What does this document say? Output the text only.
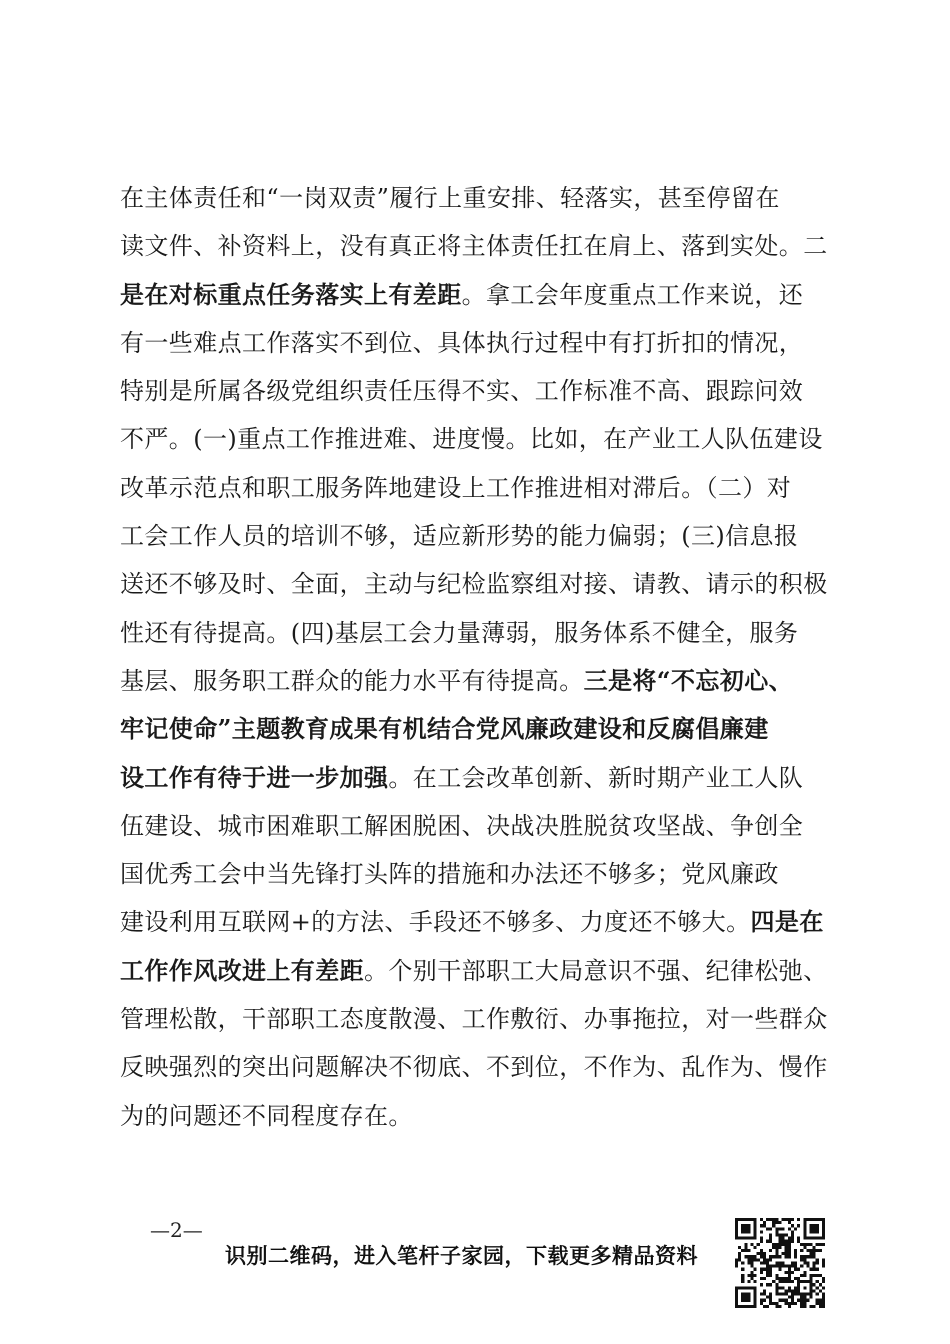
在主体责任和“一岗双责”履行上重安排、轻落实，甚至停留在
读文件、补资料上，没有真正将主体责任扛在肩上、落到实处。二
是在对标重点任务落实上有差距。拿工会年度重点工作来说，还
有一些难点工作落实不到位、具体执行过程中有打折扣的情况，
特别是所属各级党组织责任压得不实、工作标准不高、跟踪问效
不严。(一)重点工作推进难、进度慢。比如，在产业工人队伍建设
改革示范点和职工服务阵地建设上工作推进相对滞后。（二）对
工会工作人员的培训不够，适应新形势的能力偏弱；(三)信息报
送还不够及时、全面，主动与纪检监察组对接、请教、请示的积极
性还有待提高。(四)基层工会力量薄弱，服务体系不健全，服务
基层、服务职工群众的能力水平有待提高。三是将“不忘初心、
牢记使命”主题教育成果有机结合党风廉政建设和反腐倡廉建
设工作有待于进一步加强。在工会改革创新、新时期产业工人队
伍建设、城市困难职工解困脱困、决战决胜脱贫攻坚战、争创全
国优秀工会中当先锋打头阵的措施和办法还不够多；党风廉政
建设利用互联网+的方法、手段还不够多、力度还不够大。四是在
工作作风改进上有差距。个别干部职工大局意识不强、纪律松弛、
管理松散，干部职工态度散漫、工作敷衍、办事拖拉，对一些群众
反映强烈的突出问题解决不彻底、不到位，不作为、乱作为、慢作
为的问题还不同程度存在。
—2—
识别二维码，进入笔杆子家园，下载更多精品资料
